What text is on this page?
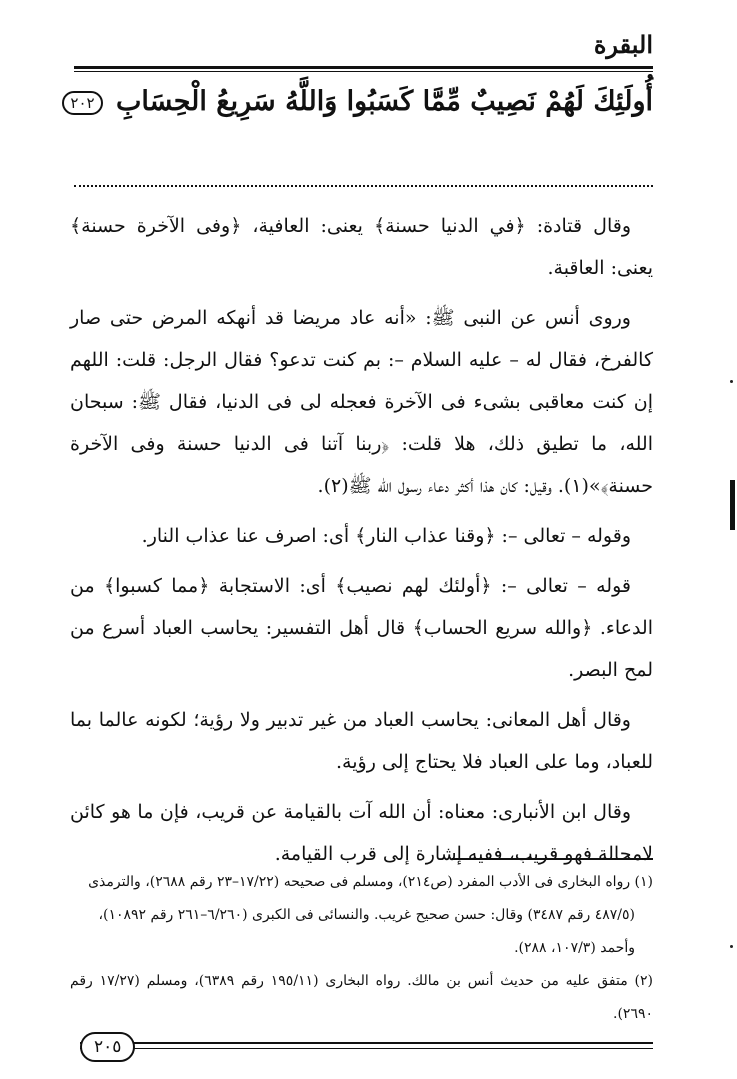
البقرة
أُولَئِكَ لَهُمْ نَصِيبٌ مِّمَّا كَسَبُوا وَاللَّهُ سَرِيعُ الْحِسَابِ ٢٠٢

وقال قتادة: ﴿في الدنيا حسنة﴾ يعنى: العافية، ﴿وفى الآخرة حسنة﴾ يعنى: العاقبة.

وروى أنس عن النبى ﷺ: «أنه عاد مريضا قد أنهكه المرض حتى صار كالفرخ، فقال له – عليه السلام –: بم كنت تدعو؟ فقال الرجل: قلت: اللهم إن كنت معاقبى بشىء فى الآخرة فعجله لى فى الدنيا، فقال ﷺ: سبحان الله، ما تطيق ذلك، هلا قلت: ﴿ربنا آتنا فى الدنيا حسنة وفى الآخرة حسنة﴾»(١). وقيل: كان هذا أكثر دعاء رسول الله ﷺ(٢).

وقوله – تعالى –: ﴿وقنا عذاب النار﴾ أى: اصرف عنا عذاب النار.

قوله – تعالى –: ﴿أولئك لهم نصيب﴾ أى: الاستجابة ﴿مما كسبوا﴾ من الدعاء. ﴿والله سريع الحساب﴾ قال أهل التفسير: يحاسب العباد أسرع من لمح البصر.

وقال أهل المعانى: يحاسب العباد من غير تدبير ولا رؤية؛ لكونه عالما بما للعباد، وما على العباد فلا يحتاج إلى رؤية.

وقال ابن الأنبارى: معناه: أن الله آت بالقيامة عن قريب، فإن ما هو كائن لامحالة فهو قريب، ففيه إشارة إلى قرب القيامة.

(١) رواه البخارى فى الأدب المفرد (ص٢١٤)، ومسلم فى صحيحه (١٧/٢٢–٢٣ رقم ٢٦٨٨)، والترمذى

(٤٨٧/٥ رقم ٣٤٨٧) وقال: حسن صحيح غريب. والنسائى فى الكبرى (٦/٢٦٠–٢٦١ رقم ١٠٨٩٢)،

وأحمد (١٠٧/٣، ٢٨٨).

(٢) متفق عليه من حديث أنس بن مالك. رواه البخارى (١٩٥/١١ رقم ٦٣٨٩)، ومسلم (١٧/٢٧ رقم ٢٦٩٠).

٢٠٥
